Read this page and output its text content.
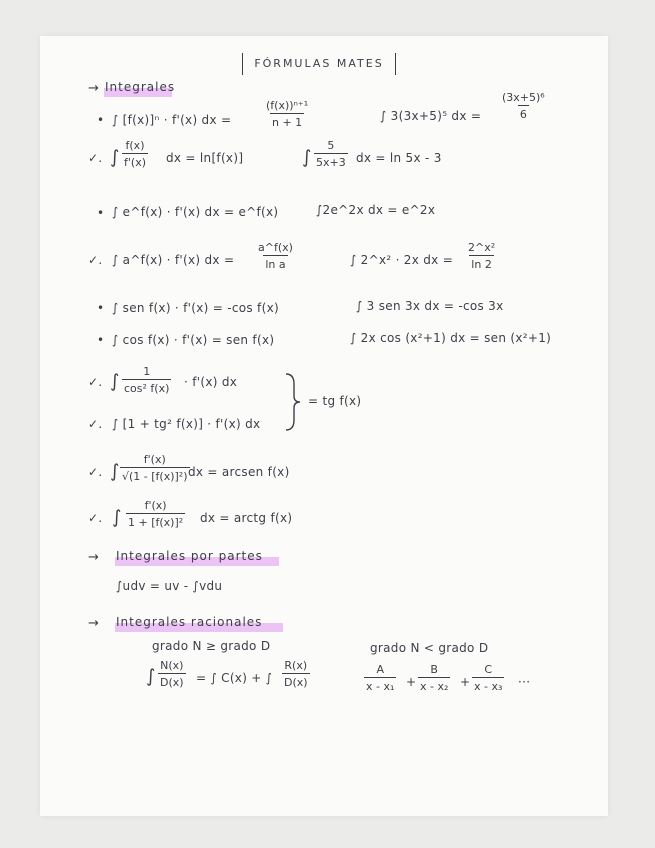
FÓRMULAS MATES
→ Integrales
• ∫ [f(x)]ⁿ · f'(x) dx =	$\frac{\text{(f(x))ⁿ⁺¹}}{n + 1}$	∫ 3(3x+5)⁵ dx = $\frac{\text{(3x+5)⁶}}{6}$
✓. ∫ $\frac{f(x)}{f'(x)}$ dx = ln[f(x)]	∫ $\frac{5}{5x+3}$ dx = ln 5x - 3
• ∫ e^f(x) · f'(x) dx = e^f(x)	∫2e^2x dx = e^2x
✓. ∫ a^f(x) · f'(x) dx = $\frac{a\^{}f(x)}{\text{ln a}}$	∫ 2^x² · 2x dx = $\frac{\text{2\textasciicircum{}x²}}{\ln 2}$
• ∫ sen f(x) · f'(x) = -cos f(x)	∫ 3 sen 3x dx = -cos 3x
• ∫ cos f(x) · f'(x) = sen f(x)	∫ 2x cos (x²+1) dx = sen (x²+1)
✓. ∫ $\frac{1}{\text{cos² f(x)}} \cdot f'(x)$ dx
= tg f(x)
✓. ∫ [1 + tg² f(x)] · f'(x) dx
✓. ∫ $\frac{f'(x)}{\text{√(1 - [f(x)]²)}}$
dx = arcsen f(x)
✓. ∫ $\frac{f'(x)}{\text{1 + [f(x)]²}}$ dx = arctg f(x)
→ Integrales por partes
∫udv = uv - ∫vdu
→ Integrales racionales
grado N ≥ grado D	grado N < grado D
∫ $\frac{N(x)}{D(x)}$ = ∫ C(x) + ∫ $\frac{R(x)}{D(x)}$	$\frac{A}{\text{x - x₁}} + \frac{B}{\text{x - x₂}} + \frac{C}{\text{x - x₃}}$ ···
